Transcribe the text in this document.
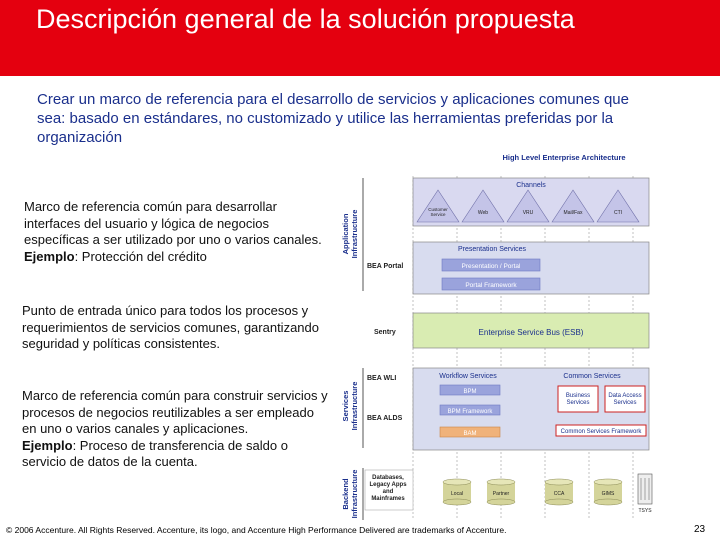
Descripción general de la solución propuesta
Crear un marco de referencia para el desarrollo de servicios y aplicaciones comunes que sea: basado en estándares, no customizado y utilice las herramientas preferidas por la organización
Marco de referencia común para desarrollar interfaces del usuario y lógica de negocios específicas a ser utilizado por uno o varios canales.
Ejemplo: Protección del crédito
Punto de entrada único para todos los procesos y requerimientos de servicios comunes, garantizando seguridad y políticas consistentes.
Marco de referencia común para construir servicios y procesos de negocios reutilizables a ser empleado en uno o varios canales y aplicaciones.
Ejemplo: Proceso de transferencia de saldo o servicio de datos de la cuenta.
High Level Enterprise Architecture
ApplicationInfrastructure
ServicesInfrastructure
BackendInfrastructure
BEA Portal
Sentry
BEA WLI
BEA ALDS
Channels
Customer Service	Web	VRU	Mail/Fax	CTI
Presentation Services
Presentation / Portal
Portal Framework
Enterprise Service Bus (ESB)
Workflow Services	Common Services
BPM
BPM Framework
BAM
Business Services
Data Access Services
Common Services Framework
Databases, Legacy Apps and Mainframes
Local	Partner	CCA	GIMS
TSYS
© 2006 Accenture. All Rights Reserved. Accenture, its logo, and Accenture High Performance Delivered are trademarks of Accenture.	23
